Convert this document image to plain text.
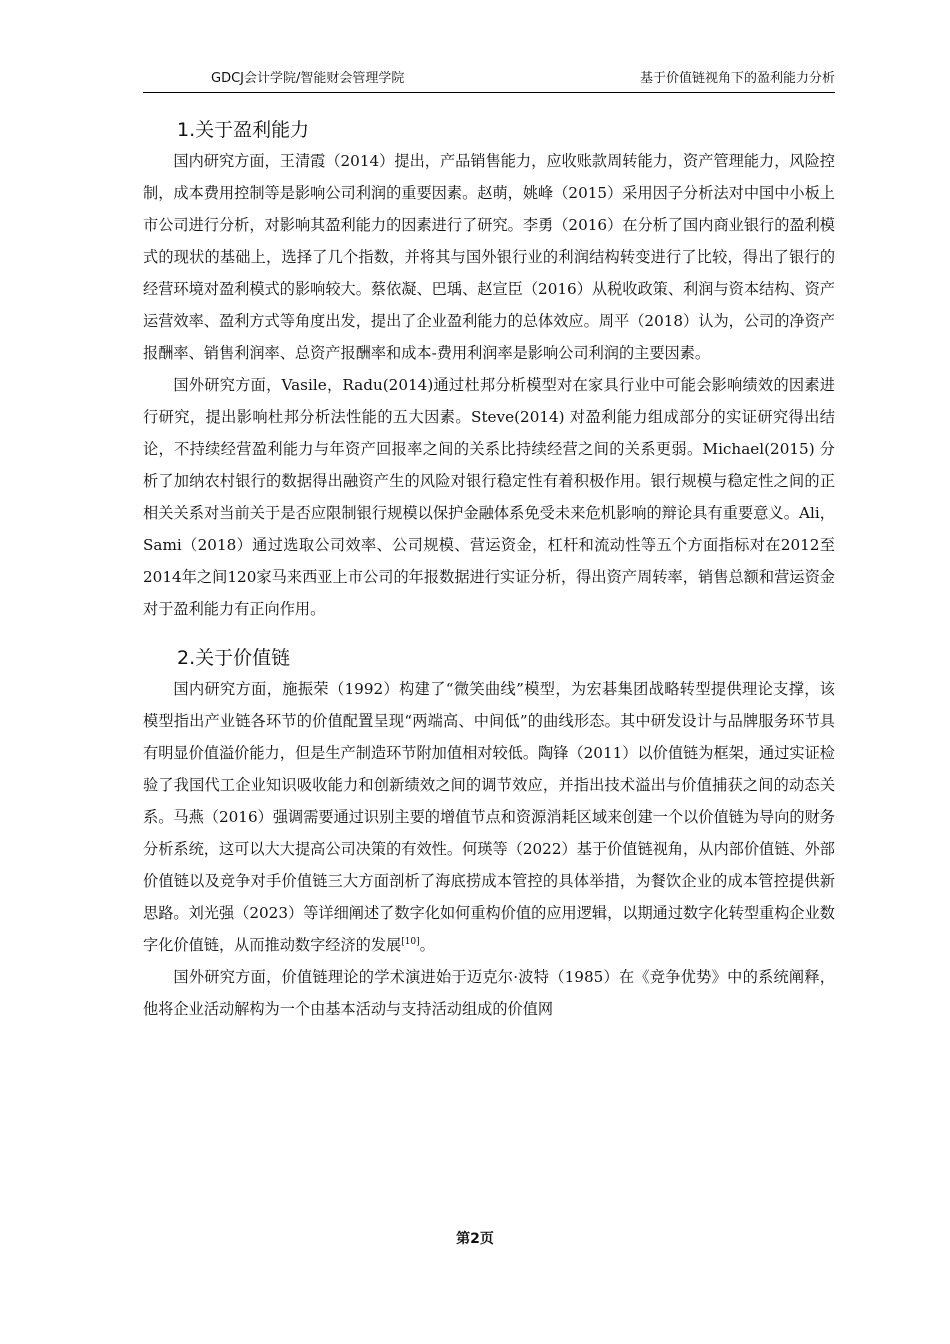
GDCJ会计学院/智能财会管理学院	基于价值链视角下的盈利能力分析
1.关于盈利能力

国内研究方面，王清霞（2014）提出，产品销售能力，应收账款周转能力，资产管理能力，风险控制，成本费用控制等是影响公司利润的重要因素。赵萌，姚峰（2015）采用因子分析法对中国中小板上市公司进行分析，对影响其盈利能力的因素进行了研究。李勇（2016）在分析了国内商业银行的盈利模式的现状的基础上，选择了几个指数，并将其与国外银行业的利润结构转变进行了比较，得出了银行的经营环境对盈利模式的影响较大。蔡依凝、巴瑀、赵宣臣（2016）从税收政策、利润与资本结构、资产运营效率、盈利方式等角度出发，提出了企业盈利能力的总体效应。周平（2018）认为，公司的净资产报酬率、销售利润率、总资产报酬率和成本-费用利润率是影响公司利润的主要因素。

国外研究方面，Vasile，Radu(2014)通过杜邦分析模型对在家具行业中可能会影响绩效的因素进行研究，提出影响杜邦分析法性能的五大因素。Steve(2014) 对盈利能力组成部分的实证研究得出结论，不持续经营盈利能力与年资产回报率之间的关系比持续经营之间的关系更弱。Michael(2015) 分析了加纳农村银行的数据得出融资产生的风险对银行稳定性有着积极作用。银行规模与稳定性之间的正相关关系对当前关于是否应限制银行规模以保护金融体系免受未来危机影响的辩论具有重要意义。Ali，Sami（2018）通过选取公司效率、公司规模、营运资金，杠杆和流动性等五个方面指标对在2012至2014年之间120家马来西亚上市公司的年报数据进行实证分析，得出资产周转率，销售总额和营运资金对于盈利能力有正向作用。

2.关于价值链

国内研究方面，施振荣（1992）构建了“微笑曲线”模型，为宏碁集团战略转型提供理论支撑，该模型指出产业链各环节的价值配置呈现“两端高、中间低”的曲线形态。其中研发设计与品牌服务环节具有明显价值溢价能力，但是生产制造环节附加值相对较低。陶锋（2011）以价值链为框架，通过实证检验了我国代工企业知识吸收能力和创新绩效之间的调节效应，并指出技术溢出与价值捕获之间的动态关系。马燕（2016）强调需要通过识别主要的增值节点和资源消耗区域来创建一个以价值链为导向的财务分析系统，这可以大大提高公司决策的有效性。何瑛等（2022）基于价值链视角，从内部价值链、外部价值链以及竞争对手价值链三大方面剖析了海底捞成本管控的具体举措，为餐饮企业的成本管控提供新思路。刘光强（2023）等详细阐述了数字化如何重构价值的应用逻辑，以期通过数字化转型重构企业数字化价值链，从而推动数字经济的发展[10]。

国外研究方面，价值链理论的学术演进始于迈克尔·波特（1985）在《竞争优势》中的系统阐释，他将企业活动解构为一个由基本活动与支持活动组成的价值网

第2页
